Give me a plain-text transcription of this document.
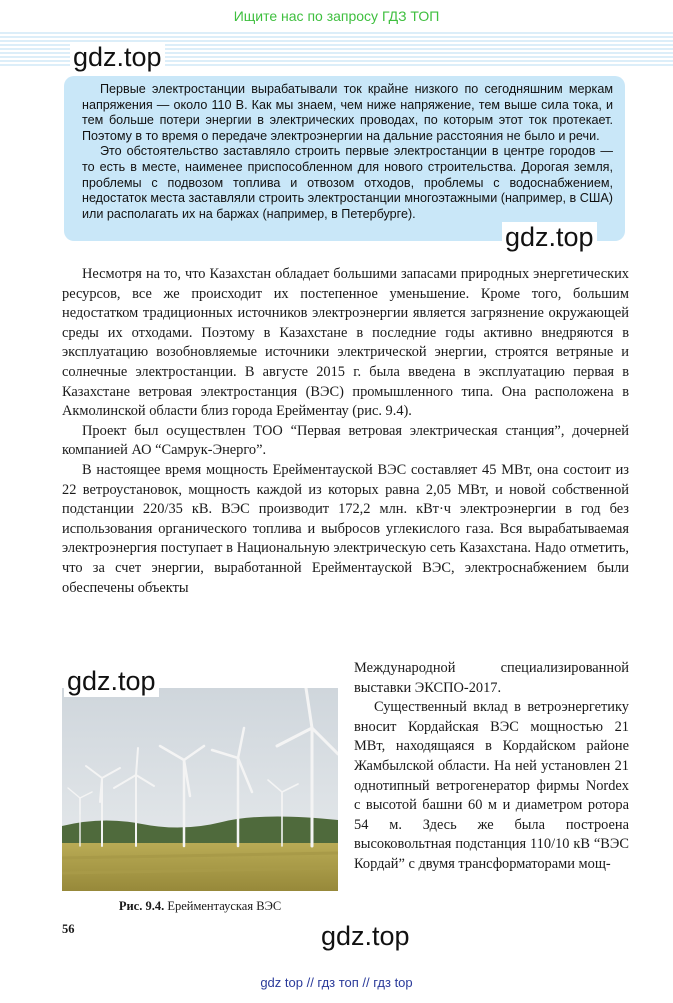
Ищите нас по запросу ГДЗ ТОП

Первые электростанции вырабатывали ток крайне низкого по сегодняшним меркам напряжения — около 110 В. Как мы знаем, чем ниже напряжение, тем выше сила тока, и тем больше потери энергии в электрических проводах, по которым этот ток протекает. Поэтому в то время о передаче электроэнергии на дальние расстояния не было и речи.

Это обстоятельство заставляло строить первые электростанции в центре городов — то есть в месте, наименее приспособленном для нового строительства. Дорогая земля, проблемы с подвозом топлива и отвозом отходов, проблемы с водоснабжением, недостаток места заставляли строить электростанции многоэтажными (например, в США) или располагать их на баржах (например, в Петербурге).

gdz.top
gdz.top

Несмотря на то, что Казахстан обладает большими запасами природных энергетических ресурсов, все же происходит их постепенное уменьшение. Кроме того, большим недостатком традиционных источников электроэнергии является загрязнение окружающей среды их отходами. Поэтому в Казахстане в последние годы активно внедряются в эксплуатацию возобновляемые источники электрической энергии, строятся ветряные и солнечные электростанции. В августе 2015 г. была введена в эксплуатацию первая в Казахстане ветровая электростанция (ВЭС) промышленного типа. Она расположена в Акмолинской области близ города Ерейментау (рис. 9.4).

Проект был осуществлен ТОО “Первая ветровая электрическая станция”, дочерней компанией АО “Самрук-Энерго”.

В настоящее время мощность Ерейментауской ВЭС составляет 45 МВт, она состоит из 22 ветроустановок, мощность каждой из которых равна 2,05 МВт, и новой собственной подстанции 220/35 кВ. ВЭС производит 172,2 млн. кВт·ч электроэнергии в год без использования органического топлива и выбросов углекислого газа. Вся вырабатываемая электроэнергия поступает в Национальную электрическую сеть Казахстана. Надо отметить, что за счет энергии, выработанной Ерейментауской ВЭС, электроснабжением были обеспечены объекты

gdz.top
Рис. 9.4. Ерейментауская ВЭС

Международной специализированной выставки ЭКСПО-2017.

Существенный вклад в ветроэнергетику вносит Кордайская ВЭС мощностью 21 МВт, находящаяся в Кордайском районе Жамбылской области. На ней установлен 21 однотипный ветрогенератор фирмы Nordex с высотой башни 60 м и диаметром ротора 54 м. Здесь же была построена высоковольтная подстанция 110/10 кВ “ВЭС Кордай” с двумя трансформаторами мощ-

56	gdz.top
gdz top // гдз топ // гдз top
